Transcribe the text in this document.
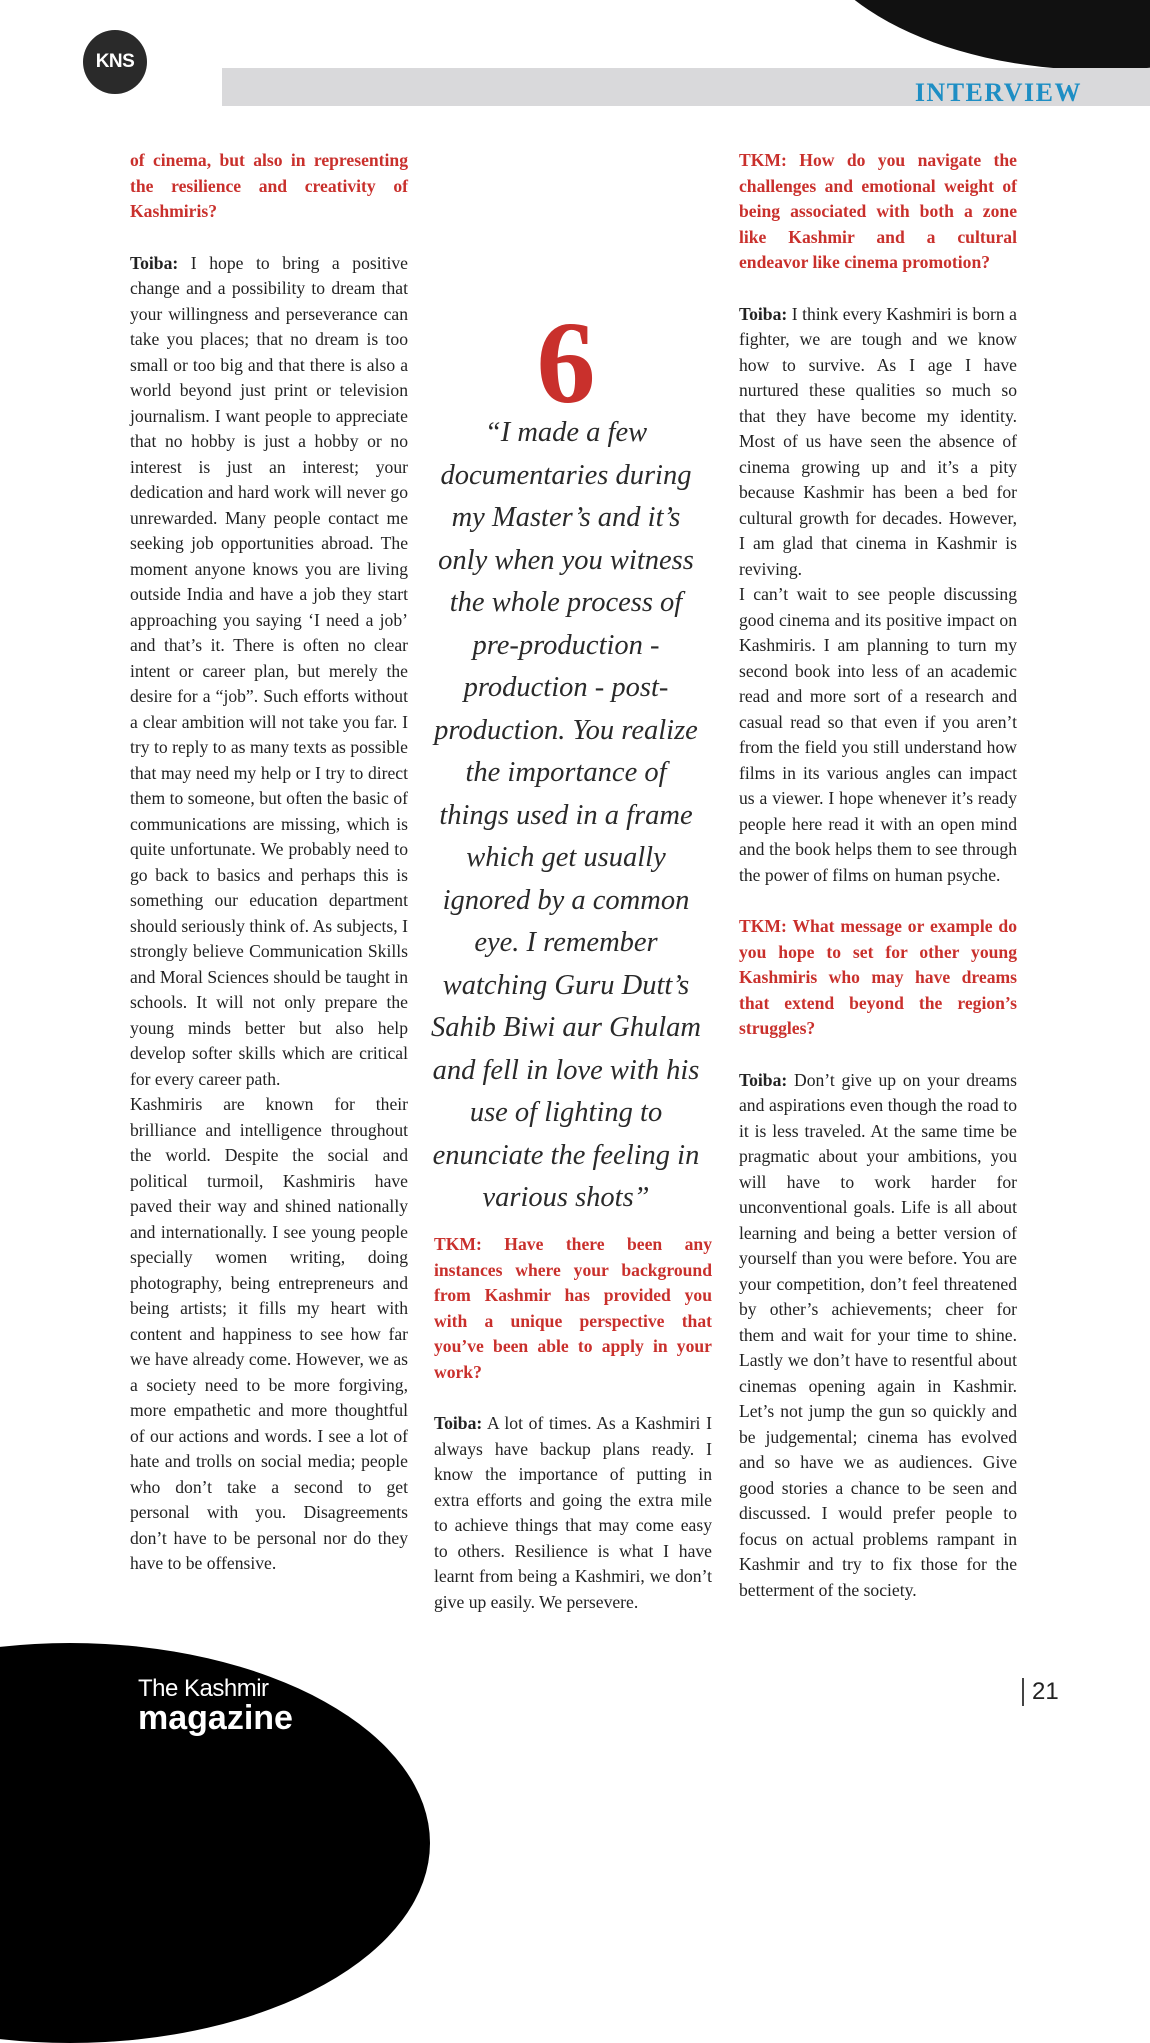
KNS
INTERVIEW

of cinema, but also in representing the resilience and creativity of Kashmiris?

Toiba: I hope to bring a positive change and a possibility to dream that your willingness and perseverance can take you places; that no dream is too small or too big and that there is also a world beyond just print or television journalism. I want people to appreciate that no hobby is just a hobby or no interest is just an interest; your dedication and hard work will never go unrewarded. Many people contact me seeking job opportunities abroad. The moment anyone knows you are living outside India and have a job they start approaching you saying ‘I need a job’ and that’s it. There is often no clear intent or career plan, but merely the desire for a “job”. Such efforts without a clear ambition will not take you far. I try to reply to as many texts as possible that may need my help or I try to direct them to someone, but often the basic of communications are missing, which is quite unfortunate. We probably need to go back to basics and perhaps this is something our education department should seriously think of. As subjects, I strongly believe Communication Skills and Moral Sciences should be taught in schools. It will not only prepare the young minds better but also help develop softer skills which are critical for every career path.

Kashmiris are known for their brilliance and intelligence throughout the world. Despite the social and political turmoil, Kashmiris have paved their way and shined nationally and internationally. I see young people specially women writing, doing photography, being entrepreneurs and being artists; it fills my heart with content and happiness to see how far we have already come. However, we as a society need to be more forgiving, more empathetic and more thoughtful of our actions and words. I see a lot of hate and trolls on social media; people who don’t take a second to get personal with you. Disagreements don’t have to be personal nor do they have to be offensive.

6
“I made a few documentaries during my Master’s and it’s only when you witness the whole process of pre-production - production - post-production. You realize the importance of things used in a frame which get usually ignored by a common eye. I remember watching Guru Dutt’s Sahib Biwi aur Ghulam and fell in love with his use of lighting to enunciate the feeling in various shots”

TKM: Have there been any instances where your background from Kashmir has provided you with a unique perspective that you’ve been able to apply in your work?

Toiba: A lot of times. As a Kashmiri I always have backup plans ready. I know the importance of putting in extra efforts and going the extra mile to achieve things that may come easy to others. Resilience is what I have learnt from being a Kashmiri, we don’t give up easily. We persevere.

TKM: How do you navigate the challenges and emotional weight of being associated with both a zone like Kashmir and a cultural endeavor like cinema promotion?

Toiba: I think every Kashmiri is born a fighter, we are tough and we know how to survive. As I age I have nurtured these qualities so much so that they have become my identity. Most of us have seen the absence of cinema growing up and it’s a pity because Kashmir has been a bed for cultural growth for decades. However, I am glad that cinema in Kashmir is reviving.

I can’t wait to see people discussing good cinema and its positive impact on Kashmiris. I am planning to turn my second book into less of an academic read and more sort of a research and casual read so that even if you aren’t from the field you still understand how films in its various angles can impact us a viewer. I hope whenever it’s ready people here read it with an open mind and the book helps them to see through the power of films on human psyche.

TKM: What message or example do you hope to set for other young Kashmiris who may have dreams that extend beyond the region’s struggles?

Toiba: Don’t give up on your dreams and aspirations even though the road to it is less traveled. At the same time be pragmatic about your ambitions, you will have to work harder for unconventional goals. Life is all about learning and being a better version of yourself than you were before. You are your competition, don’t feel threatened by other’s achievements; cheer for them and wait for your time to shine. Lastly we don’t have to resentful about cinemas opening again in Kashmir. Let’s not jump the gun so quickly and be judgemental; cinema has evolved and so have we as audiences. Give good stories a chance to be seen and discussed. I would prefer people to focus on actual problems rampant in Kashmir and try to fix those for the betterment of the society.

The Kashmir
magazine
21
